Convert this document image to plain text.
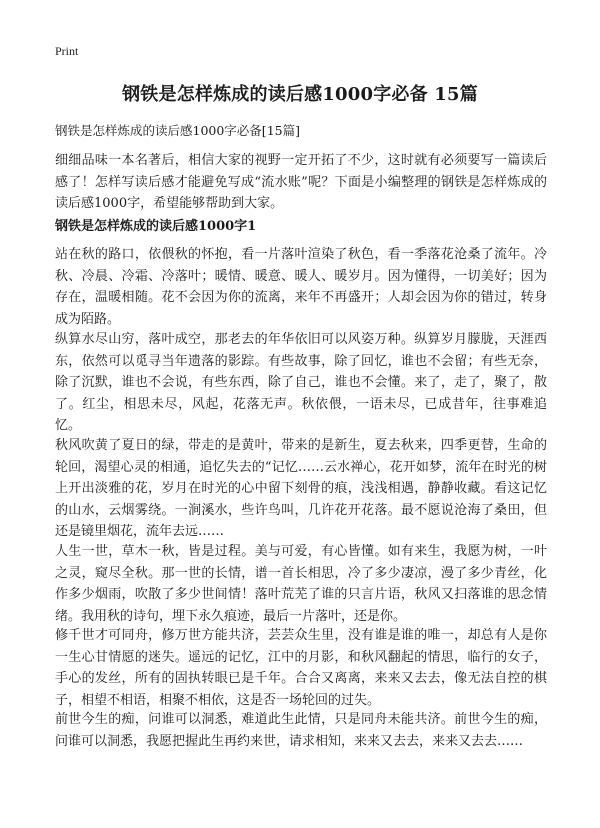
Print
钢铁是怎样炼成的读后感1000字必备 15篇
钢铁是怎样炼成的读后感1000字必备[15篇]

细细品味一本名著后，相信大家的视野一定开拓了不少，这时就有必须要写一篇读后感了！怎样写读后感才能避免写成“流水账”呢？下面是小编整理的钢铁是怎样炼成的读后感1000字，希望能够帮助到大家。

钢铁是怎样炼成的读后感1000字1

站在秋的路口，依偎秋的怀抱，看一片落叶渲染了秋色，看一季落花沧桑了流年。冷秋、冷晨、冷霜、冷落叶；暖情、暖意、暖人、暖岁月。因为懂得，一切美好；因为存在，温暖相随。花不会因为你的流离，来年不再盛开；人却会因为你的错过，转身成为陌路。

纵算水尽山穷，落叶成空，那老去的年华依旧可以风姿万种。纵算岁月朦胧，天涯西东，依然可以觅寻当年遗落的影踪。有些故事，除了回忆，谁也不会留；有些无奈，除了沉默，谁也不会说，有些东西，除了自己，谁也不会懂。来了，走了，聚了，散了。红尘，相思未尽，风起，花落无声。秋依偎，一语未尽，已成昔年，往事难追忆。

秋风吹黄了夏日的绿，带走的是黄叶，带来的是新生，夏去秋来，四季更替，生命的轮回，渴望心灵的相通，追忆失去的“记忆……云水禅心，花开如梦，流年在时光的树上开出淡雅的花，岁月在时光的心中留下刻骨的痕，浅浅相遇，静静收藏。看这记忆的山水，云烟雾绕。一涧溪水，些许鸟叫，几许花开花落。最不愿说沧海了桑田，但还是镜里烟花，流年去远……

人生一世，草木一秋，皆是过程。美与可爱，有心皆懂。如有来生，我愿为树，一叶之灵，窥尽全秋。那一世的长情，谱一首长相思，冷了多少凄凉，漫了多少青丝，化作多少烟雨，吹散了多少世间情！落叶荒芜了谁的只言片语，秋风又扫落谁的思念情绪。我用秋的诗句，埋下永久痕迹，最后一片落叶，还是你。

修千世才可同舟，修万世方能共济，芸芸众生里，没有谁是谁的唯一，却总有人是你一生心甘情愿的迷失。遥远的记忆，江中的月影，和秋风翻起的情思，临行的女子，手心的发丝，所有的固执转眼已是千年。合合又离离，来来又去去，像无法自控的棋子，相望不相语，相聚不相依，这是否一场轮回的过失。

前世今生的痴，问谁可以洞悉，难道此生此情，只是同舟未能共济。前世今生的痴，问谁可以洞悉，我愿把握此生再约来世，请求相知，来来又去去，来来又去去……
